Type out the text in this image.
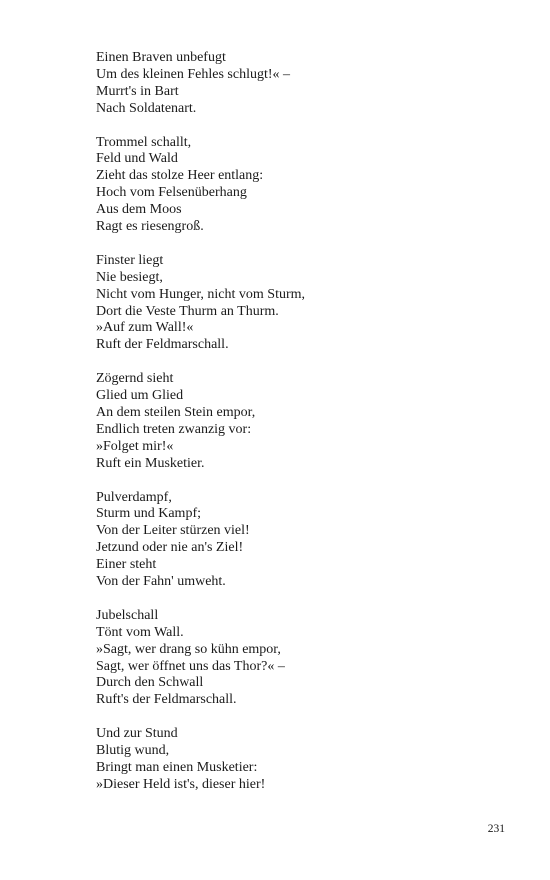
Einen Braven unbefugt
Um des kleinen Fehles schlugt!« –
Murrt's in Bart
Nach Soldatenart.
Trommel schallt,
Feld und Wald
Zieht das stolze Heer entlang:
Hoch vom Felsenüberhang
Aus dem Moos
Ragt es riesengroß.
Finster liegt
Nie besiegt,
Nicht vom Hunger, nicht vom Sturm,
Dort die Veste Thurm an Thurm.
»Auf zum Wall!«
Ruft der Feldmarschall.
Zögernd sieht
Glied um Glied
An dem steilen Stein empor,
Endlich treten zwanzig vor:
»Folget mir!«
Ruft ein Musketier.
Pulverdampf,
Sturm und Kampf;
Von der Leiter stürzen viel!
Jetzund oder nie an's Ziel!
Einer steht
Von der Fahn' umweht.
Jubelschall
Tönt vom Wall.
»Sagt, wer drang so kühn empor,
Sagt, wer öffnet uns das Thor?« –
Durch den Schwall
Ruft's der Feldmarschall.
Und zur Stund
Blutig wund,
Bringt man einen Musketier:
»Dieser Held ist's, dieser hier!
231
